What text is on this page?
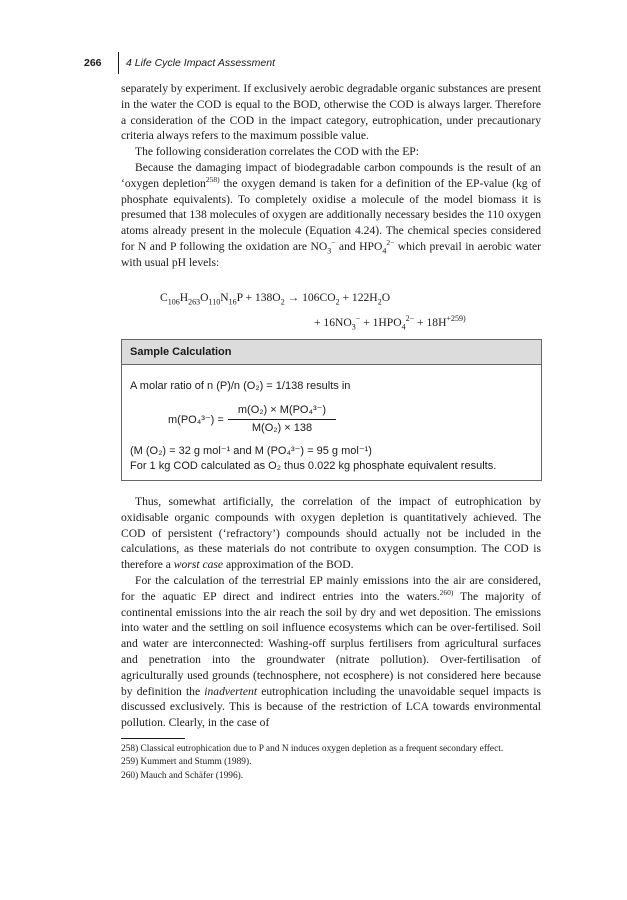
266 4 Life Cycle Impact Assessment

separately by experiment. If exclusively aerobic degradable organic substances are present in the water the COD is equal to the BOD, otherwise the COD is always larger. Therefore a consideration of the COD in the impact category, eutrophication, under precautionary criteria always refers to the maximum possible value.

The following consideration correlates the COD with the EP:

Because the damaging impact of biodegradable carbon compounds is the result of an ‘oxygen depletion$^{258)}$ the oxygen demand is taken for a definition of the EP-value (kg of phosphate equivalents). To completely oxidise a molecule of the model biomass it is presumed that 138 molecules of oxygen are additionally necessary besides the 110 oxygen atoms already present in the molecule (Equation 4.24). The chemical species considered for N and P following the oxidation are $NO_3^-$ and $HPO_4^{2-}$ which prevail in aerobic water with usual pH levels:

$C_{106}H_{263}O_{110}N_{16}P + 138O_2 \to 106CO_2 + 122H_2O$
+ $16NO_3^- + 1HPO_4^{2-} + 18H^{+259)}$
Sample Calculation
A molar ratio of n (P)/n (O₂) = 1/138 results in
m(PO₄³⁻) =
m(O₂) × M(PO₄³⁻)
M(O₂) × 138
(M (O₂) = 32 g mol⁻¹ and M (PO₄³⁻) = 95 g mol⁻¹)
For 1 kg COD calculated as O₂ thus 0.022 kg phosphate equivalent results.

Thus, somewhat artificially, the correlation of the impact of eutrophication by oxidisable organic compounds with oxygen depletion is quantitatively achieved. The COD of persistent (‘refractory’) compounds should actually not be included in the calculations, as these materials do not contribute to oxygen consumption. The COD is therefore a worst case approximation of the BOD.

For the calculation of the terrestrial EP mainly emissions into the air are considered, for the aquatic EP direct and indirect entries into the waters.$^{260)}$ The majority of continental emissions into the air reach the soil by dry and wet deposition. The emissions into water and the settling on soil influence ecosystems which can be over-fertilised. Soil and water are interconnected: Washing-off surplus fertilisers from agricultural surfaces and penetration into the groundwater (nitrate pollution). Over-fertilisation of agriculturally used grounds (technosphere, not ecosphere) is not considered here because by definition the inadvertent eutrophication including the unavoidable sequel impacts is discussed exclusively. This is because of the restriction of LCA towards environmental pollution. Clearly, in the case of

258) Classical eutrophication due to P and N induces oxygen depletion as a frequent secondary effect.
259) Kummert and Stumm (1989).
260) Mauch and Schäfer (1996).
